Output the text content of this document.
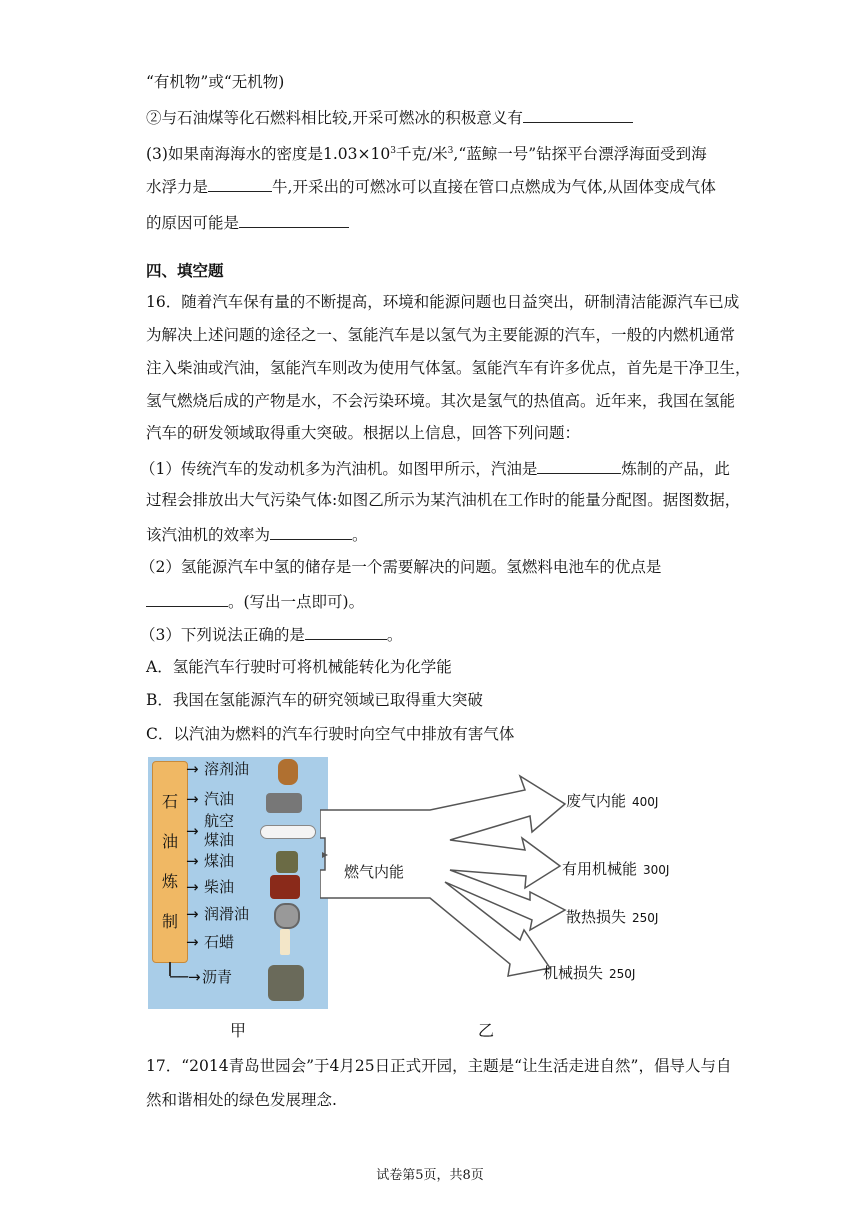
“有机物”或“无机物)
②与石油煤等化石燃料相比较,开采可燃冰的积极意义有
(3)如果南海海水的密度是$1.03\times 10^3$千克/米$^3$,“蓝鲸一号”钻探平台漂浮海面受到海
水浮力是	牛,开采出的可燃冰可以直接在管口点燃成为气体,从固体变成气体
的原因可能是
四、填空题
16．随着汽车保有量的不断提高，环境和能源问题也日益突出，研制清洁能源汽车已成
为解决上述问题的途径之一、氢能汽车是以氢气为主要能源的汽车，一般的内燃机通常
注入柴油或汽油，氢能汽车则改为使用气体氢。氢能汽车有许多优点，首先是干净卫生，
氢气燃烧后成的产物是水，不会污染环境。其次是氢气的热值高。近年来，我国在氢能
汽车的研发领域取得重大突破。根据以上信息，回答下列问题：
（1）传统汽车的发动机多为汽油机。如图甲所示，汽油是	炼制的产品，此
过程会排放出大气污染气体:如图乙所示为某汽油机在工作时的能量分配图。据图数据，
该汽油机的效率为	。
（2）氢能源汽车中氢的储存是一个需要解决的问题。氢燃料电池车的优点是
。(写出一点即可)。
（3）下列说法正确的是	。
A．氢能汽车行驶时可将机械能转化为化学能
B．我国在氢能源汽车的研究领域已取得重大突破
C．以汽油为燃料的汽车行驶时向空气中排放有害气体
石
油
炼
制
→ 溶剂油
→ 汽油
航空
→ 煤油
→ 煤油
→ 柴油
→ 润滑油
→ 石蜡
──→沥青
甲
燃气内能
废气内能 400J
有用机械能 300J
散热损失 250J
机械损失 250J
乙
17．“2014青岛世园会”于4月25日正式开园，主题是“让生活走进自然”，倡导人与自
然和谐相处的绿色发展理念.
试卷第5页，共8页
